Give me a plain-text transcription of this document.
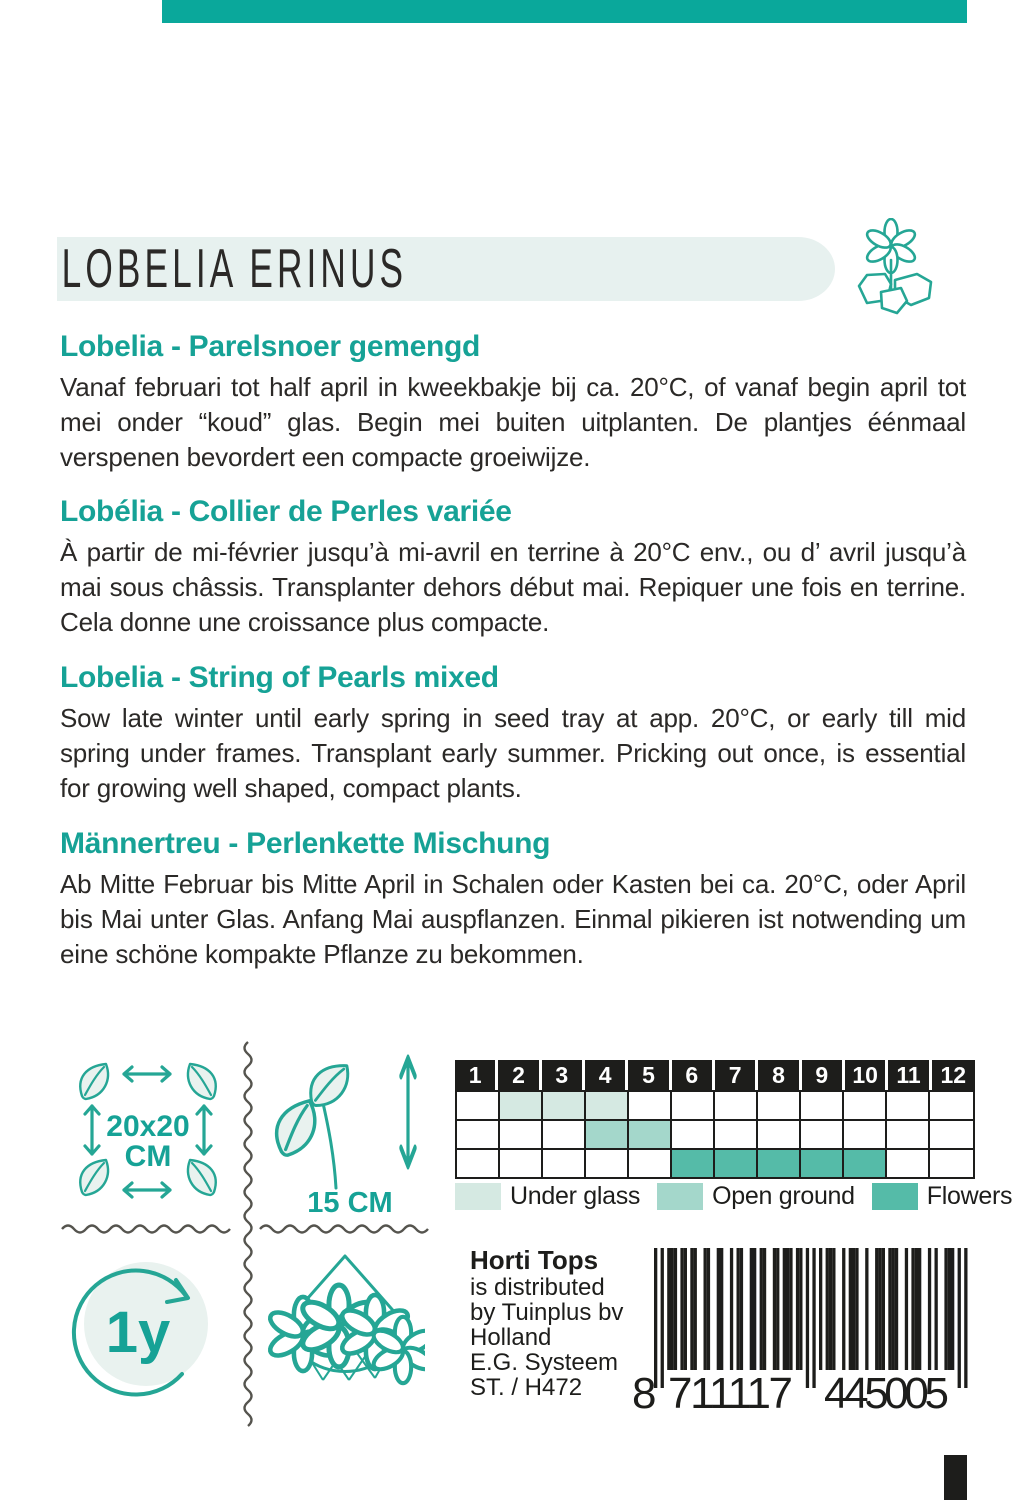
LOBELIA ERINUS
Lobelia - Parelsnoer gemengd

Vanaf februari tot half april in kweekbakje bij ca. 20°C, of vanaf begin april tot mei onder “koud” glas. Begin mei buiten uitplanten. De plantjes éénmaal verspenen bevordert een compacte groeiwijze.

Lobélia - Collier de Perles variée

À partir de mi-février jusqu’à mi-avril en terrine à 20°C env., ou d’ avril jusqu’à mai sous châssis. Transplanter dehors début mai. Repiquer une fois en terrine. Cela donne une croissance plus compacte.

Lobelia - String of Pearls mixed

Sow late winter until early spring in seed tray at app. 20°C, or early till mid spring under frames. Transplant early summer. Pricking out once, is essential for growing well shaped, compact plants.

Männertreu - Perlenkette Mischung

Ab Mitte Februar bis Mitte April in Schalen oder Kasten bei ca. 20°C, oder April bis Mai unter Glas. Anfang Mai auspflanzen. Einmal pikieren ist notwending um eine schöne kompakte Pflanze zu bekommen.

20x20
CM
15 CM
1y
1	2	3	4	5	6	7	8	9	10 11 12
Under glass	Open ground	Flowers
Horti Tops
is distributed
by Tuinplus bv
Holland
E.G. Systeem
ST. / H472	8 711117 445005
